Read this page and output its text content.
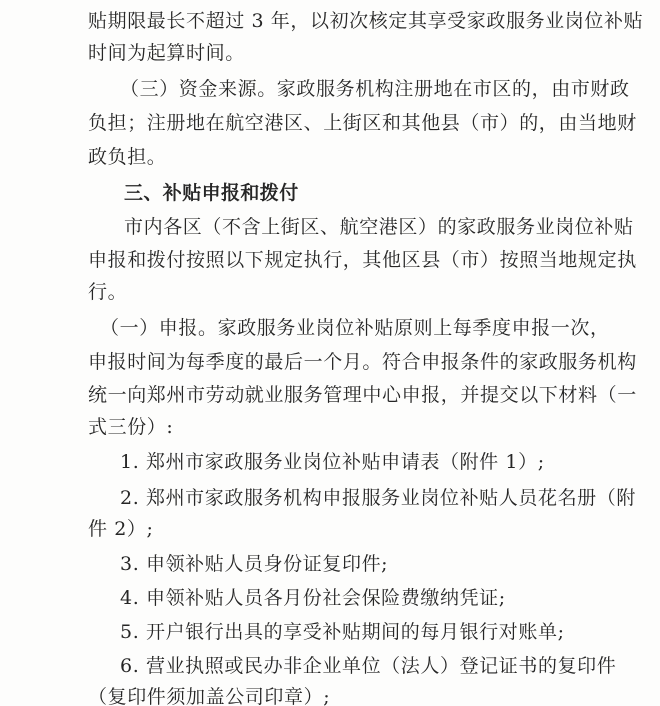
贴期限最长不超过 3 年，以初次核定其享受家政服务业岗位补贴
时间为起算时间。
（三）资金来源。家政服务机构注册地在市区的，由市财政
负担；注册地在航空港区、上街区和其他县（市）的，由当地财
政负担。
三、补贴申报和拨付
市内各区（不含上街区、航空港区）的家政服务业岗位补贴
申报和拨付按照以下规定执行，其他区县（市）按照当地规定执
行。
（一）申报。家政服务业岗位补贴原则上每季度申报一次，
申报时间为每季度的最后一个月。符合申报条件的家政服务机构
统一向郑州市劳动就业服务管理中心申报，并提交以下材料（一
式三份）:
1. 郑州市家政服务业岗位补贴申请表（附件 1）;
2. 郑州市家政服务机构申报服务业岗位补贴人员花名册（附
件 2）;
3. 申领补贴人员身份证复印件;
4. 申领补贴人员各月份社会保险费缴纳凭证;
5. 开户银行出具的享受补贴期间的每月银行对账单;
6. 营业执照或民办非企业单位（法人）登记证书的复印件
（复印件须加盖公司印章）;
